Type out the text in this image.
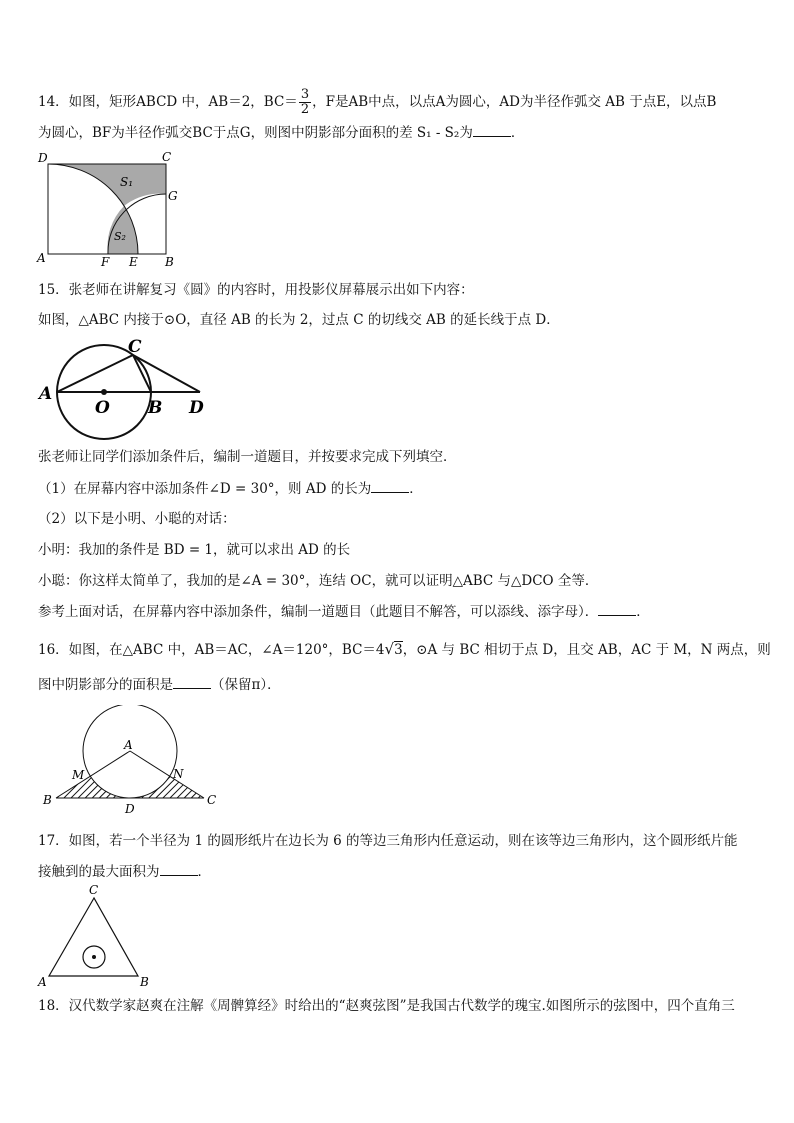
14．如图，矩形ABCD 中，AB＝2，$BC= \frac{3}{2}$ ，F是AB中点，以点A为圆心，AD为半径作弧交 AB 于点E，以点B
为圆心，BF为半径作弧交BC于点G，则图中阴影部分面积的差 S₁ - S₂为	．
D	C
G
A	F E B
S₁
S₂
15．张老师在讲解复习《圆》的内容时，用投影仪屏幕展示出如下内容：
如图，△ABC 内接于⊙O，直径 AB 的长为 2，过点 C 的切线交 AB 的延长线于点 D．
A
O B D
C
张老师让同学们添加条件后，编制一道题目，并按要求完成下列填空．
（1）在屏幕内容中添加条件∠D = 30°，则 AD 的长为	．
（2）以下是小明、小聪的对话：
小明：我加的条件是 BD = 1，就可以求出 AD 的长
小聪：你这样太简单了，我加的是∠A = 30°，连结 OC，就可以证明△ABC 与△DCO 全等．
参考上面对话，在屏幕内容中添加条件，编制一道题目（此题目不解答，可以添线、添字母）．	．
16．如图，在△ABC 中，AB＝AC，∠A＝120°，BC＝4√3，⊙A 与 BC 相切于点 D，且交 AB，AC 于 M，N 两点，则
图中阴影部分的面积是	（保留π）．
A
M	N
B
D
C
17．如图，若一个半径为 1 的圆形纸片在边长为 6 的等边三角形内任意运动，则在该等边三角形内，这个圆形纸片能
接触到的最大面积为	．
C
A	B
18．汉代数学家赵爽在注解《周髀算经》时给出的“赵爽弦图”是我国古代数学的瑰宝.如图所示的弦图中，四个直角三
